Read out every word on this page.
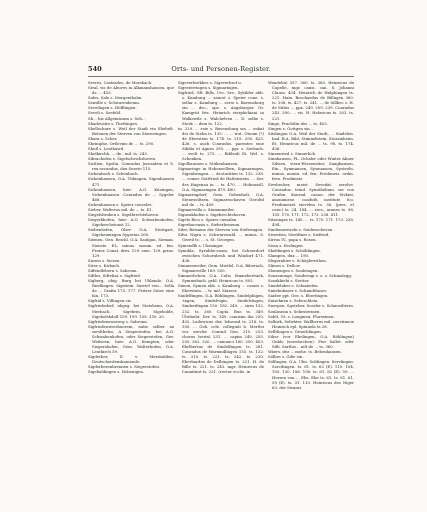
540	Orts- und Personen-Register.

Sevres, Castrades, de Morsbach.

Sival, vis de Abuves in Alkmanshausen, que dr. ... 453.

Sales, Sale s. Morgenthalm.

Sentille s. Schwarenbeum.

Seveilagen s. Höfflingen.

Seveli s. Seefeld.

Sh... bis Allgemäsum s. Seh...

Shadovatin s. Thettingen.

Shellschure s. Weil der Stadt vin Shebelt. Betonen der Sterven von Sternvingen.

Sbara s. Scher.

Shriniphe, Ortlevins dr. ... ts. 290.

Shull s. Leuthawd.

Shelkirchh, ... de., mil. ts. 243.

Sibrachofen s. Sigelschrichshoven.

Sicilien, Spolia. Conradus Jerusalem et S. rex secundus, dux Suevie 115.

Sickenbach s. Schönbach.

Sickenhausen, O.A. Tübingen, Sigenhausen 471.

Sickenhausen, hier: A.O. Kitzingen, Sickenhausen. Conradus de ... Sygeler 468.

Sickenhausen s. Speier convoles.

Sieber, Walterus mil. de ... ts. 41.

Siegelsbruben s. Sigelbrechtshoven.

Siegerkhofen, hier: A.O. Schwabenhofen, Sigeherchstonst 12.

Siebenhofen, Ober- O.A. Stuttgart, Sigeheimingen Sygerius 208.

Siemen, Gen. Reichl. O.A. Saulgau, Sieman. Sieuste. EL, minus. monin. ed. fen. Frater. Conat. dres. 129. exec. 129. prins. 129.

Siezen s. Siezen.

Sirse s. Kirbach.

Siffendlebern s. Sabronn.

Siftles, Siftelisa s. Sigfried.

Sigberg, obig. Burg bei Uhlandz, O.A. Riedlingen. Sigistein. Sarriel ven... Sella de ... Grafin 175. 177. Fritzer Sutor eine fan. 173.

Sigfrid s. Villingen cir.

Sigfriedsdorf, abgeg. bei Stetsheim, O.A. Merbach. Sigebrin, Sigebolde, Sigebolshdolf 159. 199. 159. 150. 20.

Sigfriedenswaverg s. Sabronn.

Sigfriedswaverhuerein, nahe selber ax serslthetin, A Siegerstofen. bei A.O. Schwabenhofen, oder Siegerstofen, Gev. Weilseen, hier: A.O. Kempten, oder Siegershofen, Gem. Walterhofen, O.A. Leutkirch 59.

Sigderher, D. v. Merzbulden, Deutschordenskomende.

Sigderherenbrennen s. Siegerstofen.

Sigebaldingen s. Hobenigen.

Sigeverbrekbes s. Sigeverbrof u.

Sigesterringen s. Sigmaringen.

Sigfried, Gft. Bills, Uvc. Srv., Sybilder abb. s. Kamburg ... sancst s. Speier cone. s. sellar s. Kamburg ... serio s. Bavenshurg sin ... dec., ope. s. Augsburger. Gr. Kamgrüt fris. Heinrich vierphehiani in Walkewile s. Walchelven ... D. selbe s. Stork ... dem ts. 122.

in. 229. ... esie s. Bavensburg sin ... enkat dei de Steba ts. 135. ... ... trot. Otonin (?) de Eberstein ts. 174. ts. 219. 295. 425. 426. s. auch Conradus. parentes eine Sibilia et Agnes 295. ... pgr. s. Seebach. ... svelt ts. 275. ... Ribbodi Ei. Wel. s. Schenken.

Sigelbaussen s. Stühenhausen.

Sigmaringe in Hohenzollern, Sigmaringen, Sigenbringen. ... dr.stackten ts. 132. 238. ... comes Gottfried de Haltenstein. ... Ser. des Hagenau in ... ts. 470. ... Hohenzoll. O.A. Sigmaringen 479. 480.

Sigmaringdorf, Gem. Gebenholt, O.A. Steneseiltzen, Sigmarsschaven Geroltd mil de ... ts. 409.

Sigmarsvilla s. Stammmeiler.

Signeakhofen s. Sigebrechtshoven.

Sigelo Rico s. Speier cussalen.

Sigerbacensis s. Sieberbeneum.

Siler, Betsame der Sterven von Stefrringen.

Silva Nigra s. Schwarzwald. ... minus. S. Gereil ts. ... s. St. Georgen.

Symendlb s. Ukrainger.

Symibla, Syrnbhe-suom, bei Schnerdorf zwischen Schornbech und Windorf 471. 436.

Simmenweiler, Gem. Mietlel, O.A. Biberach, Sigmarsville 169. 500.

Simmerbchen, O.A. Calw, Simnebertsiek, Symmebach. gebl. Heinricus ts. 803.

Simon, Symen abb. s. Kamburg ... comes s. Eberstein. ... tr. mil. Mazser.

Sindelfingen, O.A. Böblingen, Sindelphigen, -ingen, Sindelvigin, Sindelvingen, Sinderifingen 150. 182. 249. ... sires 152. 252. ts. 260. Capta. Bur. ts. 349. Übrlaebt. Der. ts. 349. comisim ilia 250. 432. Ludewicus der, lelsensd ts. 218. ts. 350. ... Geb. cele. collegiati h. Mertlei vor. ssevler. Conrad Gen. 215. 253. chorus (serin) 231. ... capim 249. 255. 250. 262. 320. ... canonici 160. 250. 403. Ebrlbertus de Sindelfingen ts. 281. Conradus de Warmndlingen 155. ts. 132. ts. 210. ts. 221. ts. 242. ts. 230. Eberhardus de Delbingen ts. 221. H. de Bille ts. 221. ts. 243. mgr. Heinricus de Cannitinit ts. 221. (rector ecclis. in

Wendelin) 357. 360. ts. 360. Heinricus de Capelle, mgr. canis. can. S. Johanni Clauss. 434. Heinrich de Hulphingen ts. 221. Hain. Beschardus de Billngen 360. ts. 208. ts. 427. ts. 241. ... de Sillbec s. H. de Stilus ... ppx. 249. 209. 239. Conradus 243. 300. ... vic. H. Helaricus ts. 203. ts. 221.

Singe, Prachtlin des ... ts. 403.

Singen s. Gottgen sin ...

Sitzlingen O.A. Weil der Stadt, ... Sindelen. bad. B.A. Bild, Stimmdetein, Stozzinheim. Et. Heinricus mil. de ... ts. 98. ts. 174. 436.

Sinnenried s. Sinnerlich.

Sinnhausen, PL. Ochsler oder Winter Ahner Silvien. stern-Wiesenstier, Sanghausen. Ein., Synmansen, Sysmansen, Systeeln, minus. monin. ed. fen. Fredimeiz. ordin. fren. Frodimeiz.

Sivebecker, meist. Sevedat. serolve. Conradus. teind. Synnthelium. sor von Grafen. Konrad. canon. der Sivkier, anonimiese. coaduth institute fco. Fredimeizet vievelen ts. 38. (pres. et conv.) ts. 24. 184. ... rses., aranes ts. 98. 155. 170. 171. 172. 173. 238. 411.

Sitzsinges ts. 140. ... ts. 170. 171. 173. 238. 494.

Sindemweweln s. Seidenscheven.

Siventies, Stretfiner s. Siefried.

Sirrus IV., papa s. Rosen.

Sissa s. Esslingen.

Skeblingen s. Schöblingen.

Slampen, dux ... 190.

Slegerahiev s. Schöplerrühen.

Slimes s. Dellow.

Sloniengen s. Souleingen.

Sonzenunge, Sondrengi s. o. s. Schmalegg.

Sozakhiebi s. Stetter.

Smidelaber s. Schmieden.

Smiehnbaser s. Schmidtbaser.

Saidee ppt. Ges. s. Ebertingen.

Snisehnen s. Sebeschlein.

Snerpen, Sgeteber, Soszler s. Schneeilterin.

Sonlasenn s. Sebesterinen.

Sahlt, Gt. s. Longmen, Florsemen.

Selkirk, Selirbter. Wallherus mil. cavetimoie Heinrich epl. Spinuela ts 28.

Selltlingen s. Geserblingen.

Siber (vor Ebelingen, O.A. Böblingen) Gnhle (sorrdorchen). Fier Sallet. oder Silb. Sartlus... mlt de ... ts. 360.

Wäers. dez ... mehe. ts. Bebenhausen.

Sölbre s. Gilie sin.

Sölfingen, O.A. Ulm. Soldingen. Servlingen. Sorvdingen. ts. 61. ts. 62 (E). 110. 104. 105. 130. 186. 196. ts. 61. 82 (E). 59. ... Herren von ... Ebs. Ebe ts. 61. ts. 61. 61. 59 (E). ts. 31. 110. Heinricus des Niger 63. der Swaras
